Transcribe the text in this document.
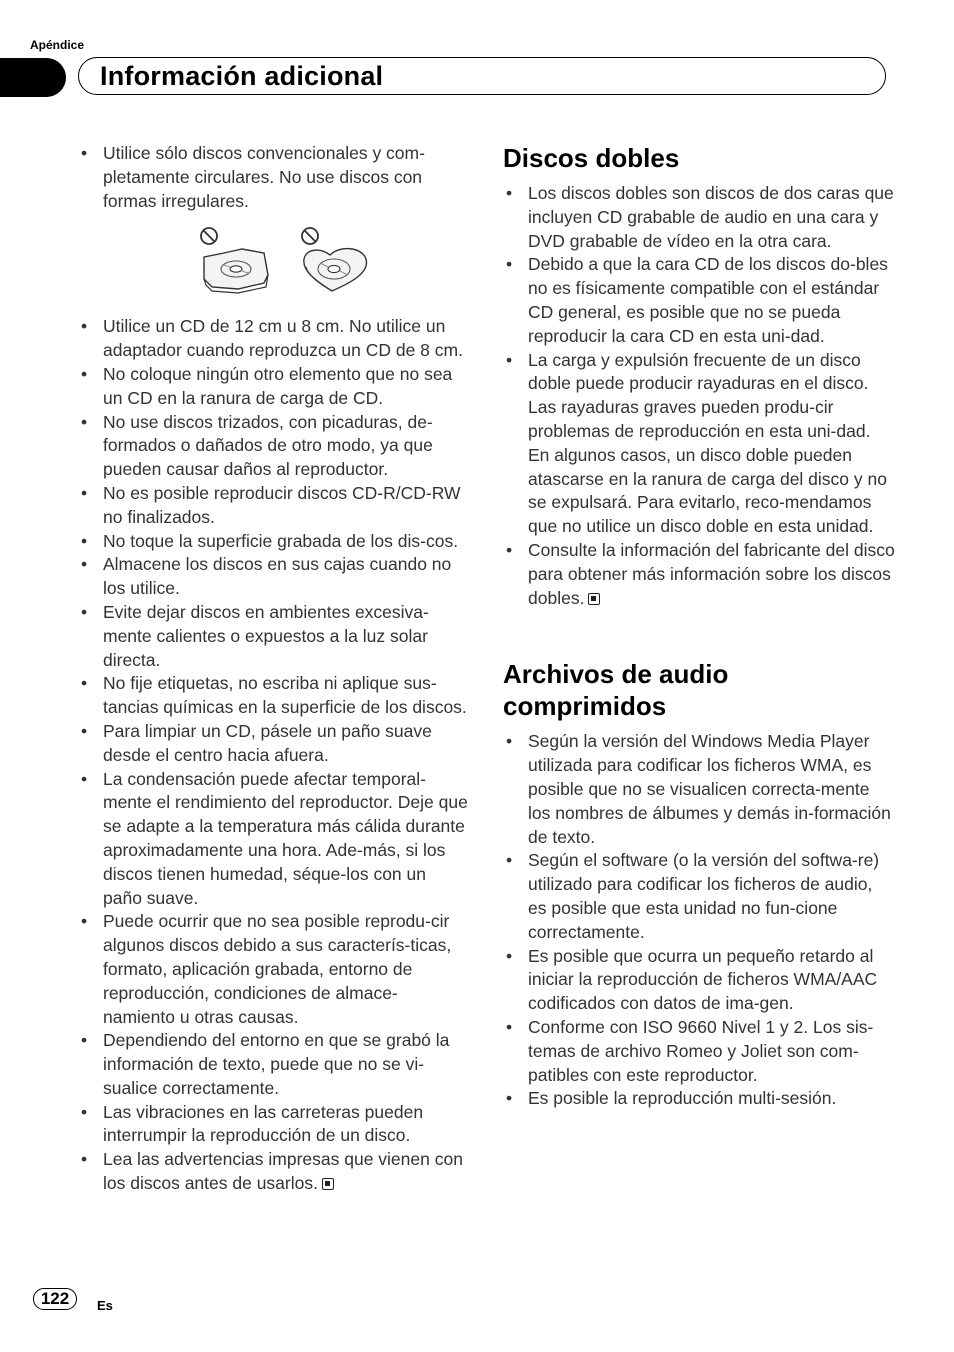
Apéndice
Información adicional
• Utilice sólo discos convencionales y com-pletamente circulares. No use discos con formas irregulares.
• Utilice un CD de 12 cm u 8 cm. No utilice un adaptador cuando reproduzca un CD de 8 cm.
• No coloque ningún otro elemento que no sea un CD en la ranura de carga de CD.
• No use discos trizados, con picaduras, de-formados o dañados de otro modo, ya que pueden causar daños al reproductor.
• No es posible reproducir discos CD-R/CD-RW no finalizados.
• No toque la superficie grabada de los dis-cos.
• Almacene los discos en sus cajas cuando no los utilice.
• Evite dejar discos en ambientes excesiva-mente calientes o expuestos a la luz solar directa.
• No fije etiquetas, no escriba ni aplique sus-tancias químicas en la superficie de los discos.
• Para limpiar un CD, pásele un paño suave desde el centro hacia afuera.
• La condensación puede afectar temporal-mente el rendimiento del reproductor. Deje que se adapte a la temperatura más cálida durante aproximadamente una hora. Ade-más, si los discos tienen humedad, séque-los con un paño suave.
• Puede ocurrir que no sea posible reprodu-cir algunos discos debido a sus caracterís-ticas, formato, aplicación grabada, entorno de reproducción, condiciones de almace-namiento u otras causas.
• Dependiendo del entorno en que se grabó la información de texto, puede que no se vi-sualice correctamente.
• Las vibraciones en las carreteras pueden interrumpir la reproducción de un disco.
• Lea las advertencias impresas que vienen con los discos antes de usarlos.
Discos dobles
• Los discos dobles son discos de dos caras que incluyen CD grabable de audio en una cara y DVD grabable de vídeo en la otra cara.
• Debido a que la cara CD de los discos do-bles no es físicamente compatible con el estándar CD general, es posible que no se pueda reproducir la cara CD en esta uni-dad.
• La carga y expulsión frecuente de un disco doble puede producir rayaduras en el disco. Las rayaduras graves pueden produ-cir problemas de reproducción en esta uni-dad. En algunos casos, un disco doble pueden atascarse en la ranura de carga del disco y no se expulsará. Para evitarlo, reco-mendamos que no utilice un disco doble en esta unidad.
• Consulte la información del fabricante del disco para obtener más información sobre los discos dobles.
Archivos de audio comprimidos
• Según la versión del Windows Media Player utilizada para codificar los ficheros WMA, es posible que no se visualicen correcta-mente los nombres de álbumes y demás in-formación de texto.
• Según el software (o la versión del softwa-re) utilizado para codificar los ficheros de audio, es posible que esta unidad no fun-cione correctamente.
• Es posible que ocurra un pequeño retardo al iniciar la reproducción de ficheros WMA/AAC codificados con datos de ima-gen.
• Conforme con ISO 9660 Nivel 1 y 2. Los sis-temas de archivo Romeo y Joliet son com-patibles con este reproductor.
• Es posible la reproducción multi-sesión.
122	Es
